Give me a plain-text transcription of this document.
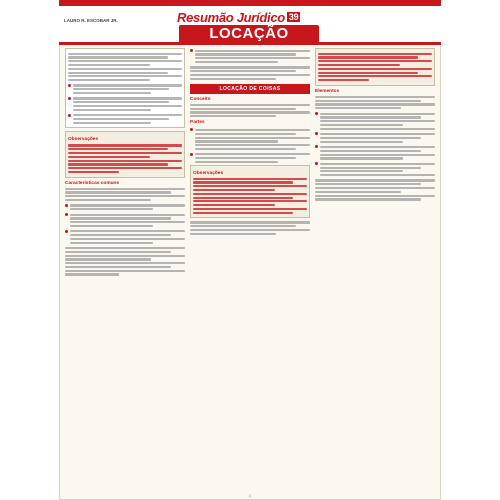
LAURO R. ESCOBAR JR.	Resumão Jurídico 39
LOCAÇÃO
Observações
Características comuns
LOCAÇÃO DE COISAS
Conceito
Partes
Observações
Elementos
1
